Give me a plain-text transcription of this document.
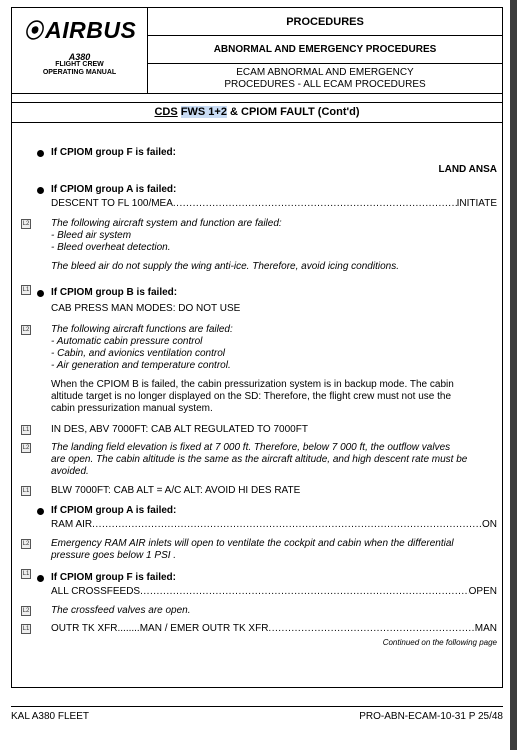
⦿AIRBUS
A380
FLIGHT CREW
OPERATING MANUAL
PROCEDURES
ABNORMAL AND EMERGENCY PROCEDURES
ECAM ABNORMAL AND EMERGENCY
PROCEDURES - ALL ECAM PROCEDURES
CDS FWS 1+2 & CPIOM FAULT (Cont'd)
If CPIOM group F is failed:
LAND ANSA
If CPIOM group A is failed:
DESCENT TO FL 100/MEA .....	INITIATE
L2 The following aircraft system and function are failed:
- Bleed air system
- Bleed overheat detection.
The bleed air do not supply the wing anti-ice. Therefore, avoid icing conditions.
L1 If CPIOM group B is failed:
CAB PRESS MAN MODES: DO NOT USE
L2 The following aircraft functions are failed:
- Automatic cabin pressure control
- Cabin, and avionics ventilation control
- Air generation and temperature control.
When the CPIOM B is failed, the cabin pressurization system is in backup mode. The cabin
altitude target is no longer displayed on the SD: Therefore, the flight crew must not use the
cabin pressurization manual system.
L1 IN DES, ABV 7000FT: CAB ALT REGULATED TO 7000FT
L2 The landing field elevation is fixed at 7 000 ft. Therefore, below 7 000 ft, the outflow valves
are open. The cabin altitude is the same as the aircraft altitude, and high descent rate must be
avoided.
L1 BLW 7000FT: CAB ALT = A/C ALT: AVOID HI DES RATE
If CPIOM group A is failed:
RAM AIR .....	ON
L2 Emergency RAM AIR inlets will open to ventilate the cockpit and cabin when the differential
pressure goes below 1 PSI .
L1 If CPIOM group F is failed:
ALL CROSSFEEDS .....	OPEN
L2 The crossfeed valves are open.
L1 OUTR TK XFR........MAN / EMER OUTR TK XFR .....	MAN
Continued on the following page
KAL A380 FLEET	PRO-ABN-ECAM-10-31 P 25/48
